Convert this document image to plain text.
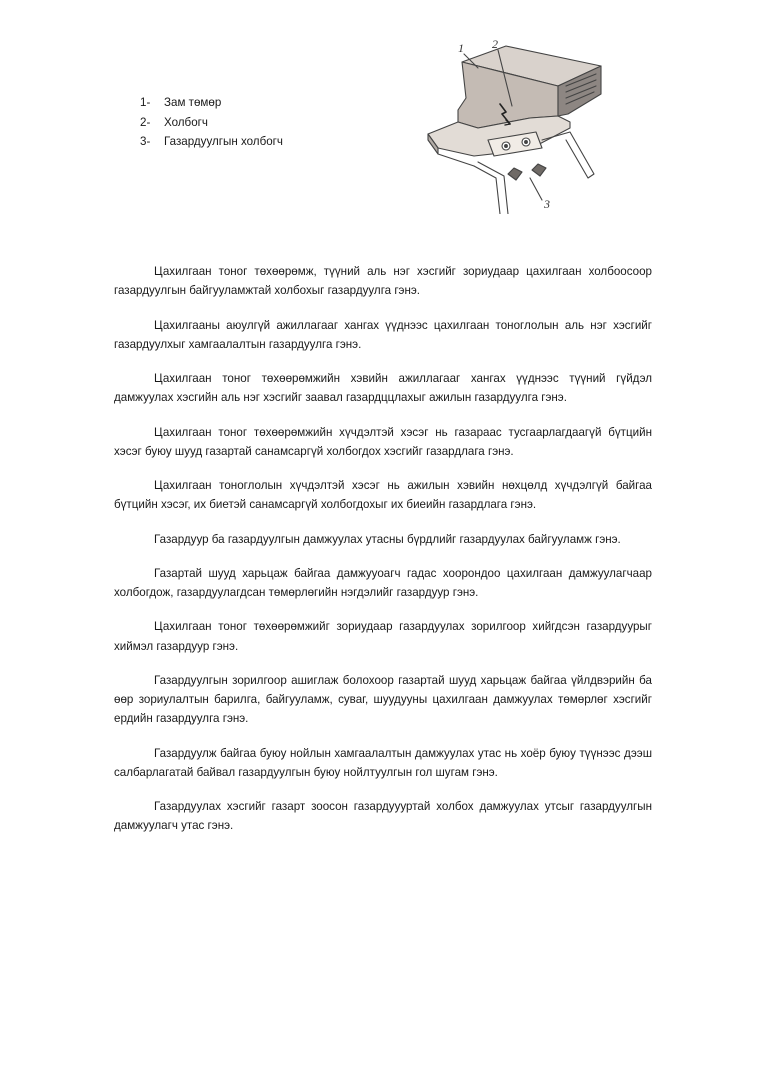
1-	Зам төмөр
2-	Холбогч
3-	Газардуулгын холбогч
1 2
3

Цахилгаан тоног төхөөрөмж, түүний аль нэг хэсгийг зориудаар цахилгаан холбоосоор газардуулгын байгууламжтай холбохыг газардуулга гэнэ.

Цахилгааны аюулгүй ажиллагааг хангах үүднээс цахилгаан тоноглолын аль нэг хэсгийг газардуулхыг хамгаалалтын газардуулга гэнэ.

Цахилгаан тоног төхөөрөмжийн хэвийн ажиллагааг хангах үүднээс түүний гүйдэл дамжуулах хэсгийн аль нэг хэсгийг заавал газардццлахыг ажилын газардуулга гэнэ.

Цахилгаан тоног төхөөрөмжийн хүчдэлтэй хэсэг нь газараас тусгаарлагдаагүй бүтцийн хэсэг буюу шууд газартай санамсаргүй холбогдох хэсгийг газардлага гэнэ.

Цахилгаан тоноглолын хүчдэлтэй хэсэг нь ажилын хэвийн нөхцөлд хүчдэлгүй байгаа бүтцийн хэсэг, их биетэй санамсаргүй холбогдохыг их биеийн газардлага гэнэ.

Газардуур ба газардуулгын дамжуулах утасны бүрдлийг газардуулах байгууламж гэнэ.

Газартай шууд харьцаж байгаа дамжууоагч гадас хоорондоо цахилгаан дамжуулагчаар холбогдож, газардуулагдсан төмөрлөгийн нэгдэлийг газардуур гэнэ.

Цахилгаан тоног төхөөрөмжийг зориудаар газардуулах зорилгоор хийгдсэн газардуурыг хиймэл газардуур гэнэ.

Газардуулгын зорилгоор ашиглаж болохоор газартай шууд харьцаж байгаа үйлдвэрийн ба өөр зориулалтын барилга, байгууламж, суваг, шуудууны цахилгаан дамжуулах төмөрлөг хэсгийг ердийн газардуулга гэнэ.

Газардуулж байгаа буюу нойлын хамгаалалтын дамжуулах утас нь хоёр буюу түүнээс дээш салбарлагатай байвал газардуулгын буюу нойлтуулгын гол шугам гэнэ.

Газардуулах хэсгийг газарт зоосон газардуууртай холбох дамжуулах утсыг газардуулгын дамжуулагч утас гэнэ.
